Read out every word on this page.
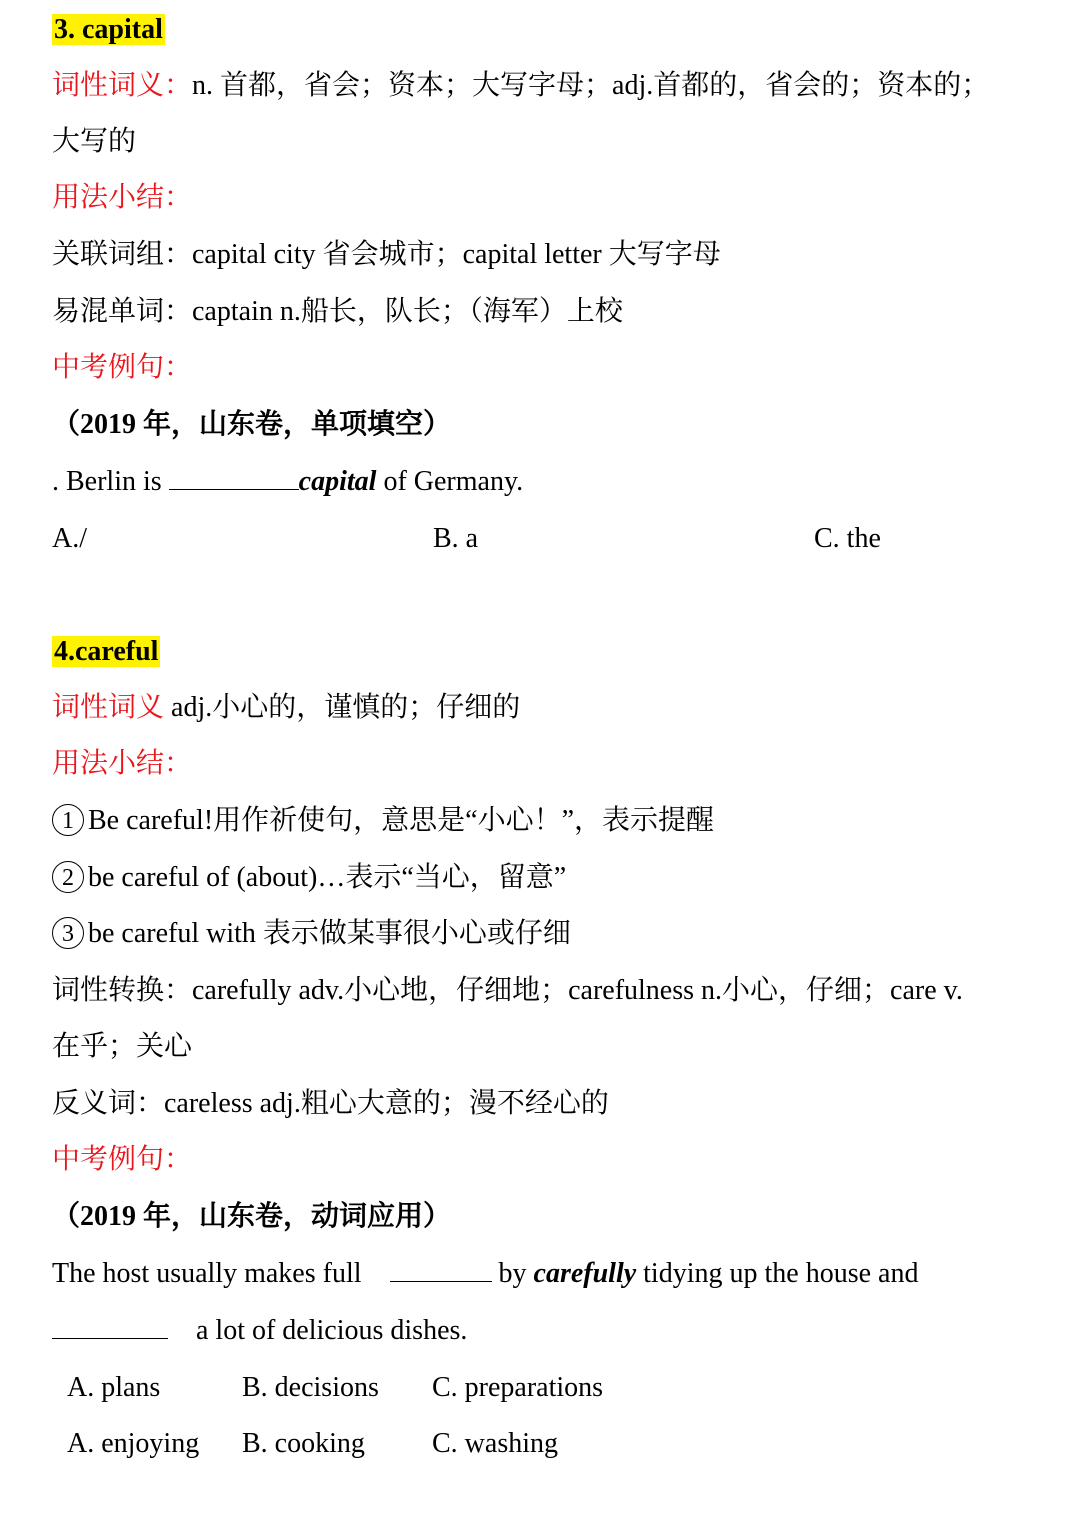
3. capital
词性词义：n. 首都，省会；资本；大写字母；adj.首都的，省会的；资本的；
大写的
用法小结：
关联词组：capital city 省会城市；capital letter 大写字母
易混单词：captain n.船长，队长；（海军）上校
中考例句：
（2019 年，山东卷，单项填空）
. Berlin is	capital of Germany.
A./	B. a	C. the
4.careful
词性词义 adj.小心的，谨慎的；仔细的
用法小结：
1 Be careful!用作祈使句，意思是“小心！”，表示提醒
2 be careful of (about)…表示“当心，留意”
3 be careful with 表示做某事很小心或仔细
词性转换：carefully adv.小心地，仔细地；carefulness n.小心，仔细；care v.
在乎；关心
反义词：careless adj.粗心大意的；漫不经心的
中考例句：
（2019 年，山东卷，动词应用）
The host usually makes full	by carefully tidying up the house and
a lot of delicious dishes.
A. plans	B. decisions C. preparations
A. enjoying B. cooking C. washing
